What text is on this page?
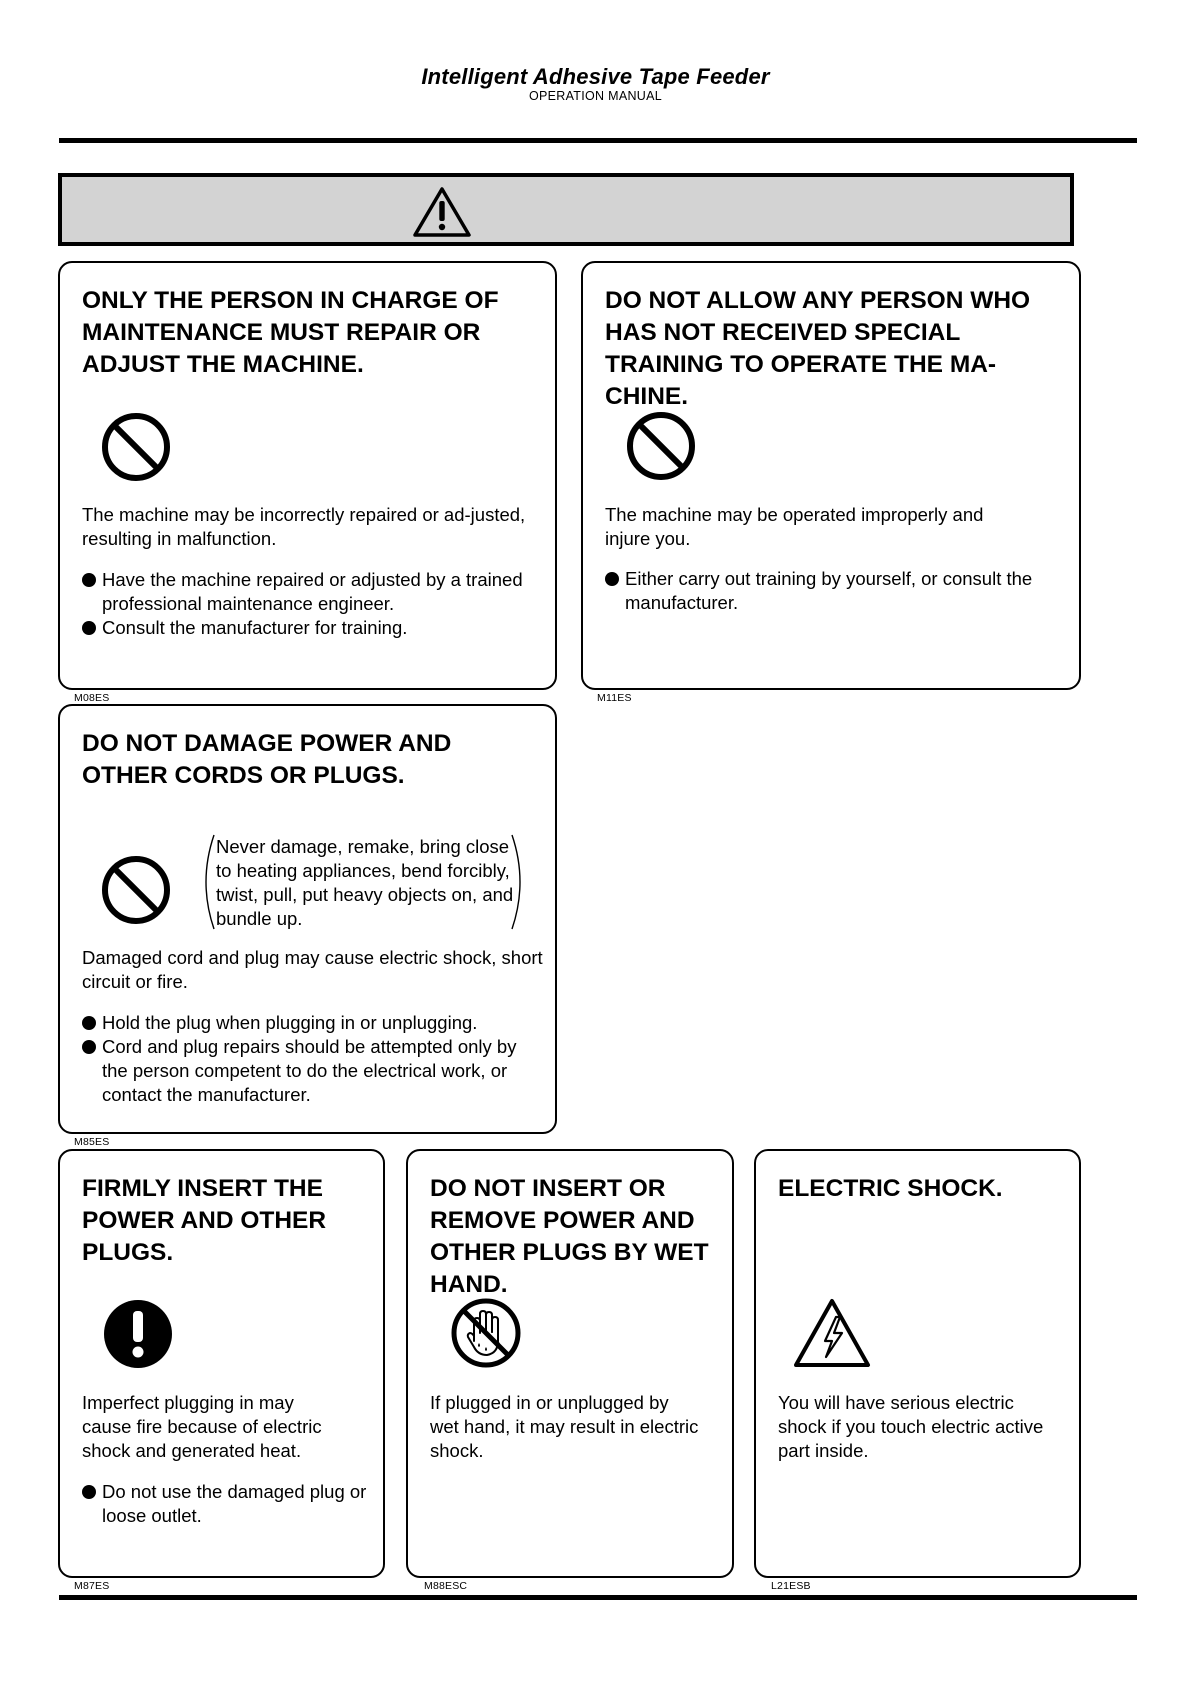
Intelligent Adhesive Tape Feeder
OPERATION MANUAL
ONLY THE PERSON IN CHARGE OF MAINTENANCE MUST REPAIR OR ADJUST THE MACHINE.
The machine may be incorrectly repaired or ad-justed, resulting in malfunction.
Have the machine repaired or adjusted by a trained professional maintenance engineer.
Consult the manufacturer for training.
M08ES
DO NOT ALLOW ANY PERSON WHO HAS NOT RECEIVED SPECIAL TRAINING TO OPERATE THE MA-CHINE.
The machine may be operated improperly and injure you.
Either carry out training by yourself, or consult the manufacturer.
M11ES
DO NOT DAMAGE POWER AND OTHER CORDS OR PLUGS.
Never damage, remake, bring close to heating appliances, bend forcibly, twist, pull, put heavy objects on, and bundle up.
Damaged cord and plug may cause electric shock, short circuit or fire.
Hold the plug when plugging in or unplugging.
Cord and plug repairs should be attempted only by the person competent to do the electrical work, or contact the manufacturer.
M85ES
FIRMLY INSERT THE POWER AND OTHER PLUGS.
Imperfect plugging in may cause fire because of electric shock and generated heat.
Do not use the damaged plug or loose outlet.
M87ES
DO NOT INSERT OR REMOVE POWER AND OTHER PLUGS BY WET HAND.
If plugged in or unplugged by wet hand, it may result in electric shock.
M88ESC
ELECTRIC SHOCK.
You will have serious electric shock if you touch electric active part inside.
L21ESB
